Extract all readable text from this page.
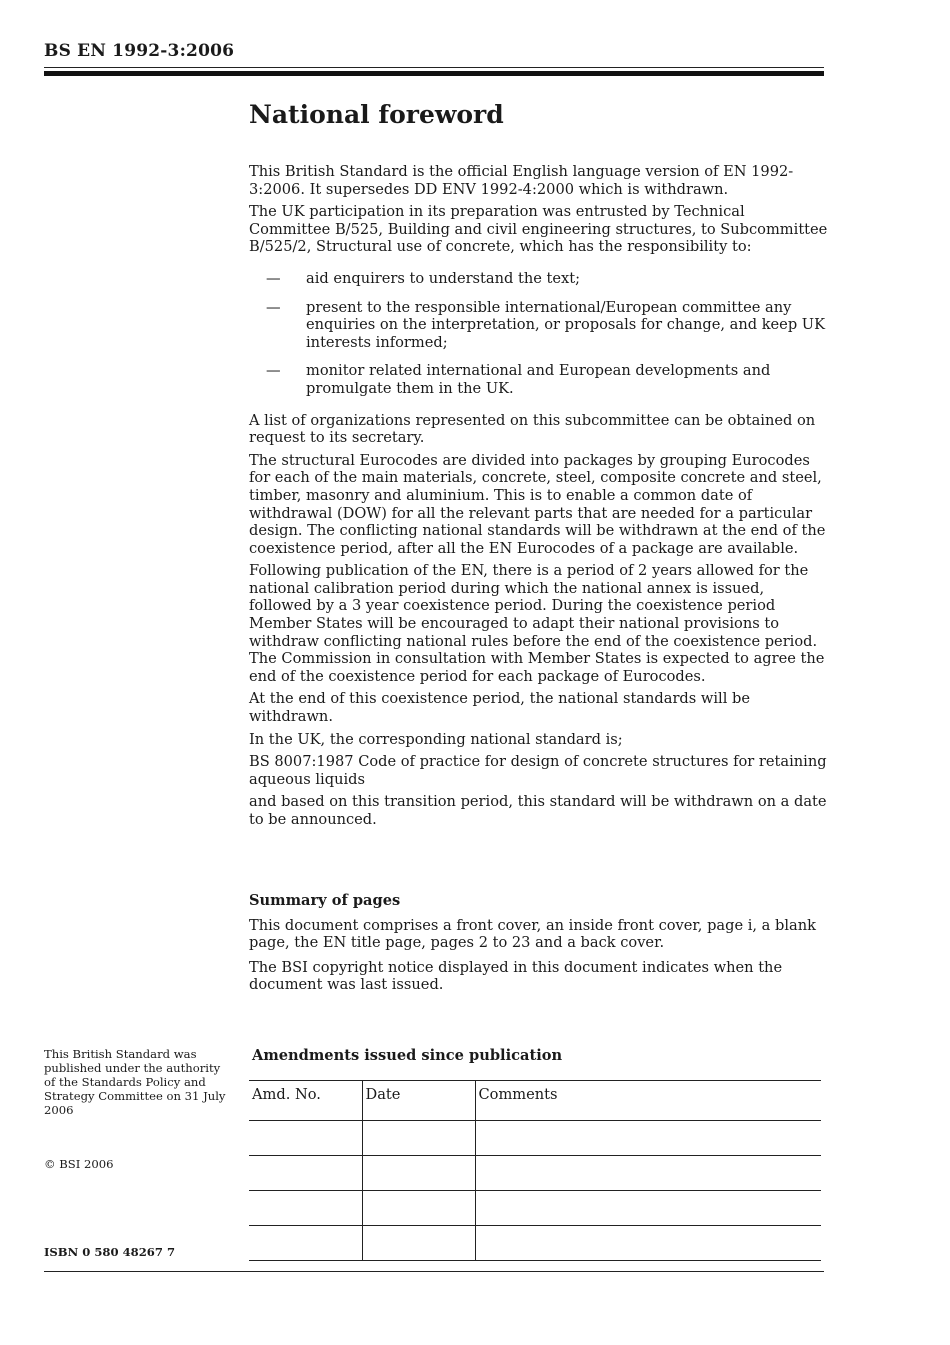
BS EN 1992-3:2006
National foreword

This British Standard is the official English language version of EN 1992-3:2006. It supersedes DD ENV 1992-4:2000 which is withdrawn.

The UK participation in its preparation was entrusted by Technical Committee B/525, Building and civil engineering structures, to Subcommittee B/525/2, Structural use of concrete, which has the responsibility to:

— aid enquirers to understand the text;
— present to the responsible international/European committee any enquiries on the interpretation, or proposals for change, and keep UK interests informed;
— monitor related international and European developments and promulgate them in the UK.

A list of organizations represented on this subcommittee can be obtained on request to its secretary.

The structural Eurocodes are divided into packages by grouping Eurocodes for each of the main materials, concrete, steel, composite concrete and steel, timber, masonry and aluminium. This is to enable a common date of withdrawal (DOW) for all the relevant parts that are needed for a particular design. The conflicting national standards will be withdrawn at the end of the coexistence period, after all the EN Eurocodes of a package are available.

Following publication of the EN, there is a period of 2 years allowed for the national calibration period during which the national annex is issued, followed by a 3 year coexistence period. During the coexistence period Member States will be encouraged to adapt their national provisions to withdraw conflicting national rules before the end of the coexistence period. The Commission in consultation with Member States is expected to agree the end of the coexistence period for each package of Eurocodes.

At the end of this coexistence period, the national standards will be withdrawn.

In the UK, the corresponding national standard is;

BS 8007:1987 Code of practice for design of concrete structures for retaining aqueous liquids

and based on this transition period, this standard will be withdrawn on a date to be announced.

Summary of pages

This document comprises a front cover, an inside front cover, page i, a blank page, the EN title page, pages 2 to 23 and a back cover.

The BSI copyright notice displayed in this document indicates when the document was last issued.

This British Standard was published under the authority of the Standards Policy and Strategy Committee on 31 July 2006
© BSI 2006
ISBN 0 580 48267 7
Amendments issued since publication
Amd. No.	Date	Comments
